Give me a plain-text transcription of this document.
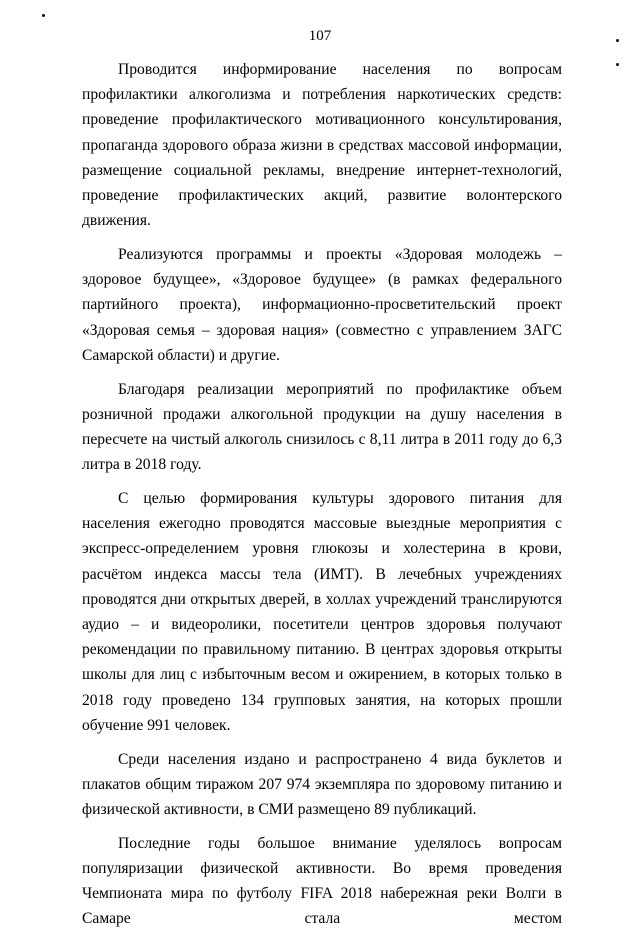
107

Проводится информирование населения по вопросам профилактики алкоголизма и потребления наркотических средств: проведение профилактического мотивационного консультирования, пропаганда здорового образа жизни в средствах массовой информации, размещение социальной рекламы, внедрение интернет-технологий, проведение профилактических акций, развитие волонтерского движения.

Реализуются программы и проекты «Здоровая молодежь – здоровое будущее», «Здоровое будущее» (в рамках федерального партийного проекта), информационно-просветительский проект «Здоровая семья – здоровая нация» (совместно с управлением ЗАГС Самарской области) и другие.

Благодаря реализации мероприятий по профилактике объем розничной продажи алкогольной продукции на душу населения в пересчете на чистый алкоголь снизилось с 8,11 литра в 2011 году до 6,3 литра в 2018 году.

С целью формирования культуры здорового питания для населения ежегодно проводятся массовые выездные мероприятия с экспресс-определением уровня глюкозы и холестерина в крови, расчётом индекса массы тела (ИМТ). В лечебных учреждениях проводятся дни открытых дверей, в холлах учреждений транслируются аудио – и видеоролики, посетители центров здоровья получают рекомендации по правильному питанию. В центрах здоровья открыты школы для лиц с избыточным весом и ожирением, в которых только в 2018 году проведено 134 групповых занятия, на которых прошли обучение 991 человек.

Среди населения издано и распространено 4 вида буклетов и плакатов общим тиражом 207 974 экземпляра по здоровому питанию и физической активности, в СМИ размещено 89 публикаций.

Последние годы большое внимание уделялось вопросам популяризации физической активности. Во время проведения Чемпионата мира по футболу FIFA 2018 набережная реки Волги в Самаре стала местом
